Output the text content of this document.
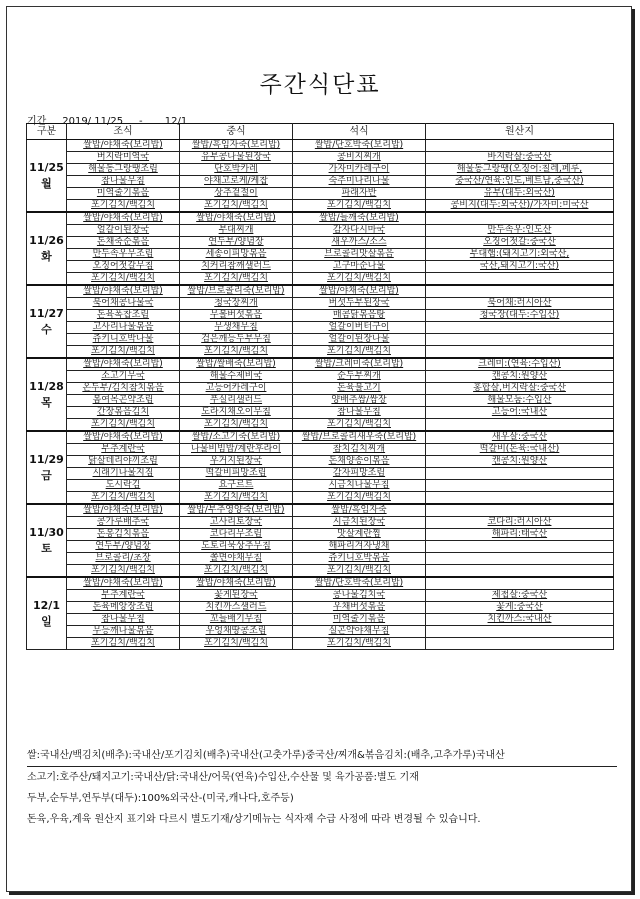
주간식단표
기간 2019/ 11/25     -       12/1
구분	조식	중식	석식	원산지

11/25
월	쌀밥/야채죽(보리밥)	쌀밥/흑임자죽(보리밥)	쌀밥/단호박죽(보리밥)	
	버지락미역국	유부콩나물된장국	콩비지찌개	바지락살:중국산
	해물동그랑땡조림	단호박카레	가자미카레구이	해물동그랑땡(오징어:칠레,페루,
	참나물무침	야채고로케/케찹	숙주미나리나물	중국산/연육:인도,베트남,중국산)
	미역줄기볶음	상추겉절이	파래자반	유부(대두:외국산)
	포기김치/백김치	포기김치/백김치	포기김치/백김치	콩비지(대두:외국산)/가자미:미국산

11/26
화	쌀밥/야채죽(보리밥)	쌀밥/야채죽(보리밥)	쌀밥/들깨죽(보리밥)	
	얼갈이된장국	부대찌개	감자다시마국	만두속우:인도산
	돈채죽순볶음	연두부/양념장	새우까스/소스	오징어젓갈:중국산
	만두속우무조림	세송이피망볶음	브로콜리맛살볶음	부대햄:(돼지고기:외국산,
	오징어젓갈무침	치커리참깨샐러드	고구마순나물	국산,돼지고기:국산)
	포기김치/백김치	포기김치/백김치	포기김치/백김치	

11/27
수	쌀밥/야채죽(보리밥)	쌀밥/브로콜리죽(보리밥)	쌀밥/야채죽(보리밥)	
	북어채콩나물국	청국장찌개	버섯두부된장국	북어채:러시아산
	돈육폭찹조림	무볼버섯볶음	매콤닭볶음탕	청국장(대두:수입산)
	고사리나물볶음	무생채무침	얼갈이버터구이	
	쥬키니호박나물	검은깨등두부무침	얼갈이된장나물	
	포기김치/백김치	포기김치/백김치	포기김치/백김치	

11/28
목	쌀밥/야채죽(보리밥)	쌀밥/쌀배죽(보리밥)	쌀밥/크레미죽(보리밥)	크레미:(연육:수입산)
	소고기무국	해물수제비국	순두부찌개	캔콩치:원양산
	온두부/김치참치볶음	고등어카레구이	돈육불고기	홍합살,버지락살:중국산
	봄여목곤약조림	푸실리샐러드	양배추쌈/쌈장	해물모둠:수입산
	간장볶음김치	도라지채오이무침	참나물무침	고등어:국내산
	포기김치/백김치	포기김치/백김치	포기김치/백김치	

11/29
금	쌀밥/야채죽(보리밥)	쌀밥/소고기죽(보리밥)	쌀밥/브로콜리새우죽(보리밥)	새우살:중국산
	부추계란국	나물비빔밥/계란후라이	참치김치찌개	떡갈비(돈육:국내산)
	닭살데리야끼조림	우거지된장국	돈채양송이볶음	캔콩치:원양산
	시래기나물지짐	떡갈비피망조림	감자피망조림	
	도시락김	요구르트	시금치나물무침	
	포기김치/백김치	포기김치/백김치	포기김치/백김치	

11/30
토	쌀밥/야채죽(보리밥)	쌀밥/부추영양죽(보리밥)	쌀밥/흑임자죽	
	콩가루배추국	고사리토장국	시금치된장국	코다리:러시아산
	돈봉김치볶음	코다리무조림	맛살계란찜	해파리:태국산
	연두부/양념장	도토리묵상추무침	해파리겨자냉채	
	브로콜리/초장	쫄면야채무침	쥬키니호박볶음	
	포기김치/백김치	포기김치/백김치	포기김치/백김치	

12/1
일	쌀밥/야채죽(보리밥)	쌀밥/야채죽(보리밥)	쌀밥/단호박죽(보리밥)	
	부추계란국	꽃게된장국	콩나물김치국	제첩살:중국산
	돈육메앙장조림	치킨까스샐러드	우채버섯볶음	꽃게:중국산
	참나물무침	꼬들배기무침	미역줄기볶음	치킨까스:국내산
	무등깨나물볶음	우엉채땅콩조림	실곤약야채무침	
	포기김치/백김치	포기김치/백김치	포기김치/백김치	
쌀:국내산/백김치(배추):국내산/포기김치(배추)국내산(고춧가루)중국산/찌개&볶음김치:(배추,고추가루)국내산
소고기:호주산/돼지고기:국내산/닭:국내산/어묵(연육)수입산,수산물 및 육가공품:별도 기재
두부,순두부,연두부(대두):100%외국산-(미국,캐나다,호주등)
돈육,우육,계육 원산지 표기와 다르시 별도기재/상기메뉴는 식자재 수급 사정에 따라 변경될 수 있습니다.
